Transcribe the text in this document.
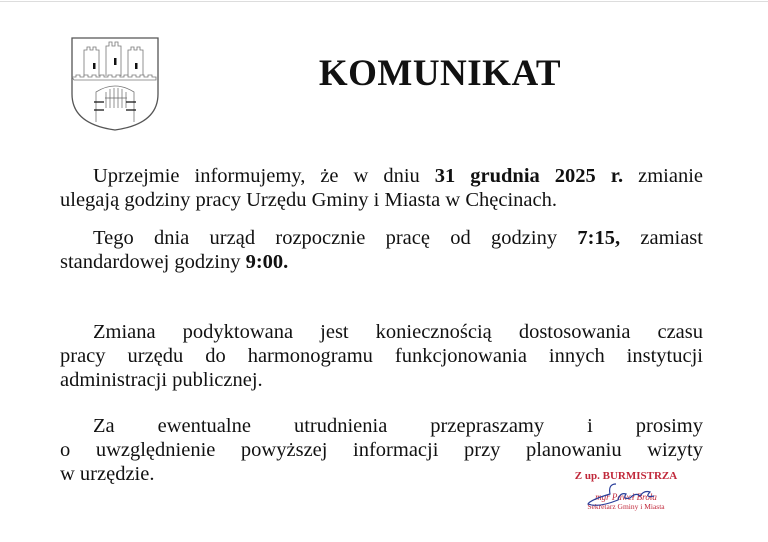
KOMUNIKAT
Uprzejmie informujemy, że w dniu 31 grudnia 2025 r. zmianie
ulegają godziny pracy Urzędu Gminy i Miasta w Chęcinach.
Tego dnia urząd rozpocznie pracę od godziny 7:15, zamiast
standardowej godziny 9:00.
Zmiana podyktowana jest koniecznością dostosowania czasu
pracy urzędu do harmonogramu funkcjonowania innych instytucji
administracji publicznej.
Za ewentualne utrudnienia przepraszamy i prosimy
o uwzględnienie powyższej informacji przy planowaniu wizyty
w urzędzie.	Z up. BURMISTRZA
mgr Paweł Broła
Sekretarz Gminy i Miasta
